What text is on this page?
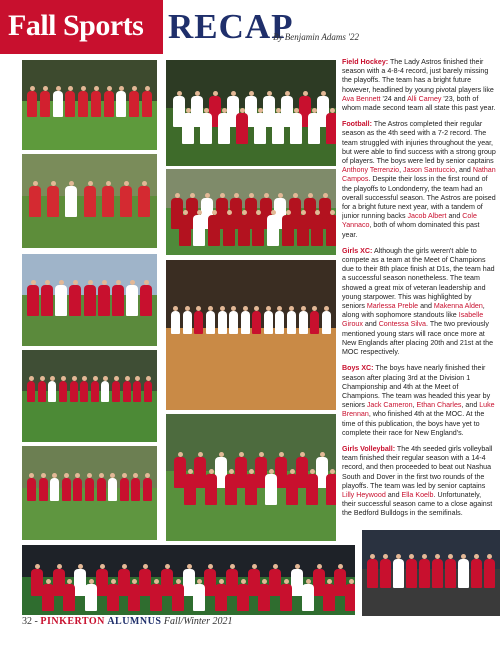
Fall Sports RECAP
By Benjamin Adams '22

Field Hockey: The Lady Astros finished their season with a 4-8-4 record, just barely missing the playoffs. The team has a bright future however, headlined by young pivotal players like Ava Bennett '24 and Alli Carney '23, both of whom made second team all state this past year.

Football: The Astros completed their regular season as the 4th seed with a 7-2 record. The team struggled with injuries throughout the year, but were able to find success with a strong group of players. The boys were led by senior captains Anthony Terrenzio, Jason Santuccio, and Nathan Campos. Despite their loss in the first round of the playoffs to Londonderry, the team had an overall successful season. The Astros are poised for a bright future next year, with a tandem of junior running backs Jacob Albert and Cole Yannaco, both of whom dominated this past year.

Girls XC: Although the girls weren't able to compete as a team at the Meet of Champions due to their 8th place finish at D1s, the team had a successful season nonetheless. The team showed a great mix of veteran leadership and young starpower. This was highlighted by seniors Marlessa Preble and Makenna Alden, along with sophomore standouts like Isabelle Giroux and Contessa Silva. The two previously mentioned young stars will race once more at New Englands after placing 20th and 21st at the MOC respectively.

Boys XC: The boys have nearly finished their season after placing 3rd at the Division 1 Championship and 4th at the Meet of Champions. The team was headed this year by seniors Jack Cameron, Ethan Charles, and Luke Brennan, who finished 4th at the MOC. At the time of this publication, the boys have yet to complete their race for New England's.

Girls Volleyball: The 4th seeded girls volleyball team finished their regular season with a 14-4 record, and then proceeded to beat out Nashua South and Dover in the first two rounds of the playoffs. The team was led by senior captains Lilly Heywood and Ella Koelb. Unfortunately, their successful season came to a close against the Bedford Bulldogs in the semifinals.

32 - PINKERTON ALUMNUS Fall/Winter 2021
